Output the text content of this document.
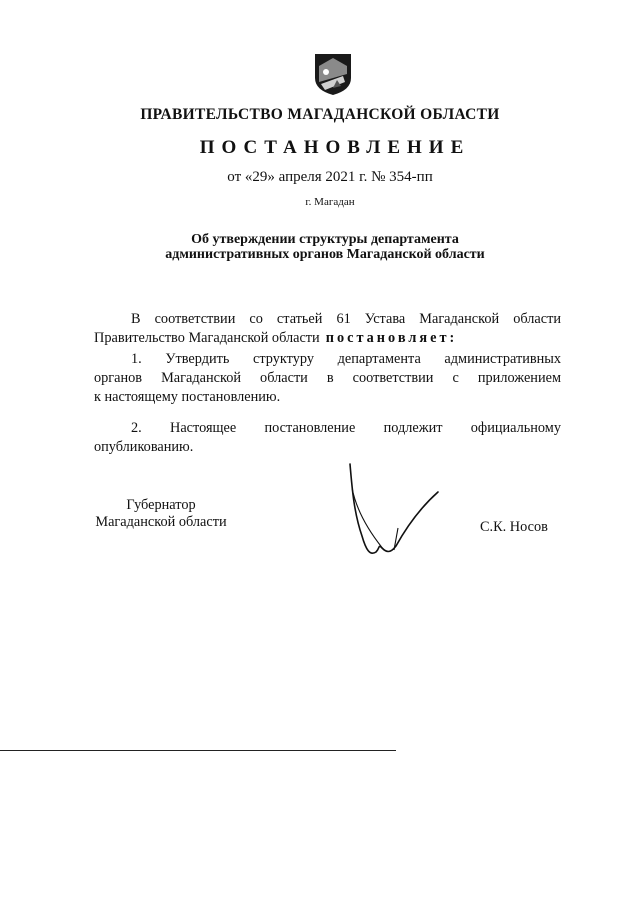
ПРАВИТЕЛЬСТВО МАГАДАНСКОЙ ОБЛАСТИ
ПОСТАНОВЛЕНИЕ
от «29» апреля 2021 г. № 354-пп
г. Магадан
Об утверждении структуры департамента
административных органов Магаданской области
В соответствии со статьей 61 Устава Магаданской области
Правительство Магаданской области постановляет:
1. Утвердить структуру департамента административных
органов Магаданской области в соответствии с приложением
к настоящему постановлению.
2. Настоящее постановление подлежит официальному
опубликованию.
Губернатор
Магаданской области	С.К. Носов
